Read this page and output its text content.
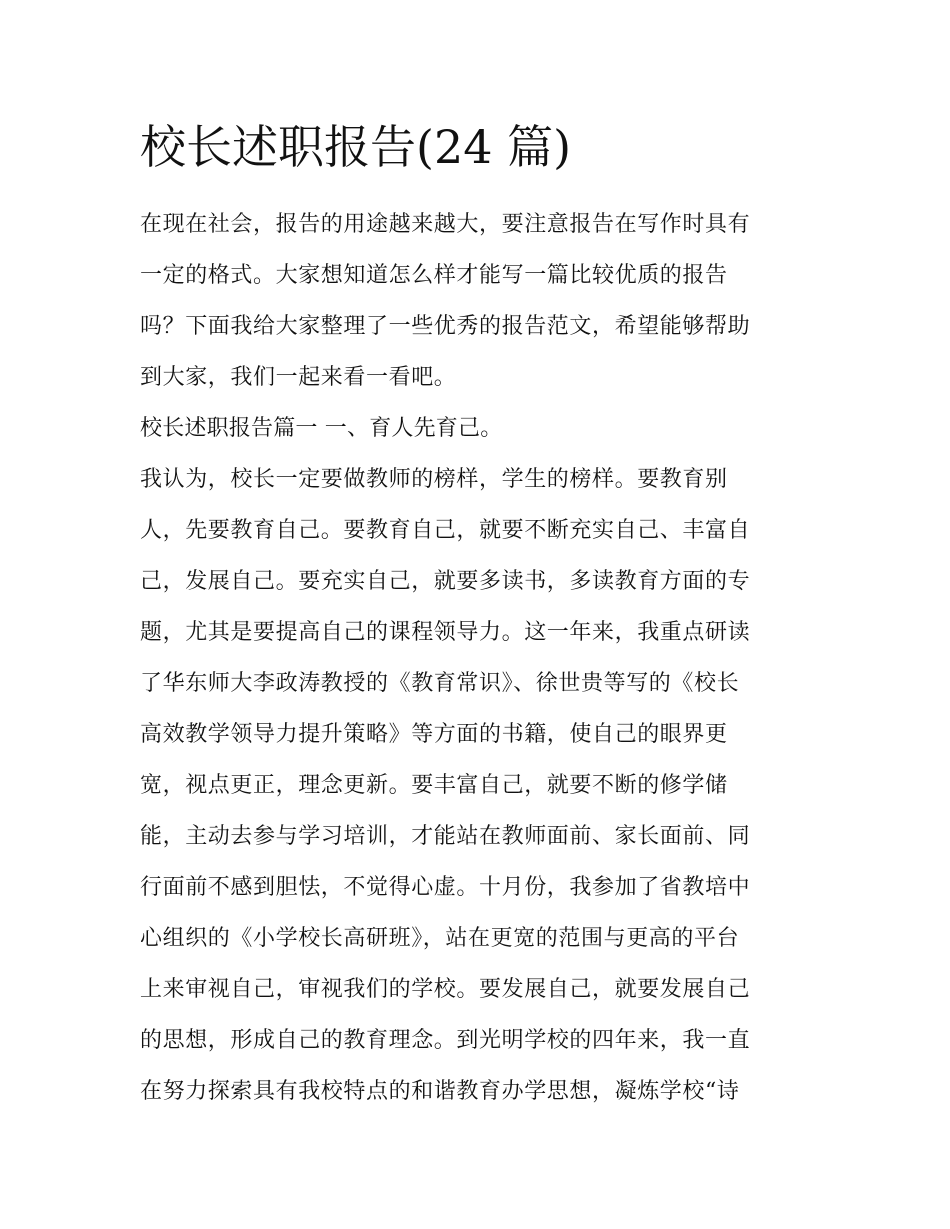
校长述职报告(24 篇)
在现在社会，报告的用途越来越大，要注意报告在写作时具有
一定的格式。大家想知道怎么样才能写一篇比较优质的报告
吗？下面我给大家整理了一些优秀的报告范文，希望能够帮助
到大家，我们一起来看一看吧。
校长述职报告篇一 一、育人先育己。
我认为，校长一定要做教师的榜样，学生的榜样。要教育别
人，先要教育自己。要教育自己，就要不断充实自己、丰富自
己，发展自己。要充实自己，就要多读书，多读教育方面的专
题，尤其是要提高自己的课程领导力。这一年来，我重点研读
了华东师大李政涛教授的《教育常识》、徐世贵等写的《校长
高效教学领导力提升策略》等方面的书籍，使自己的眼界更
宽，视点更正，理念更新。要丰富自己，就要不断的修学储
能，主动去参与学习培训，才能站在教师面前、家长面前、同
行面前不感到胆怯，不觉得心虚。十月份，我参加了省教培中
心组织的《小学校长高研班》，站在更宽的范围与更高的平台
上来审视自己，审视我们的学校。要发展自己，就要发展自己
的思想，形成自己的教育理念。到光明学校的四年来，我一直
在努力探索具有我校特点的和谐教育办学思想，凝炼学校“诗
